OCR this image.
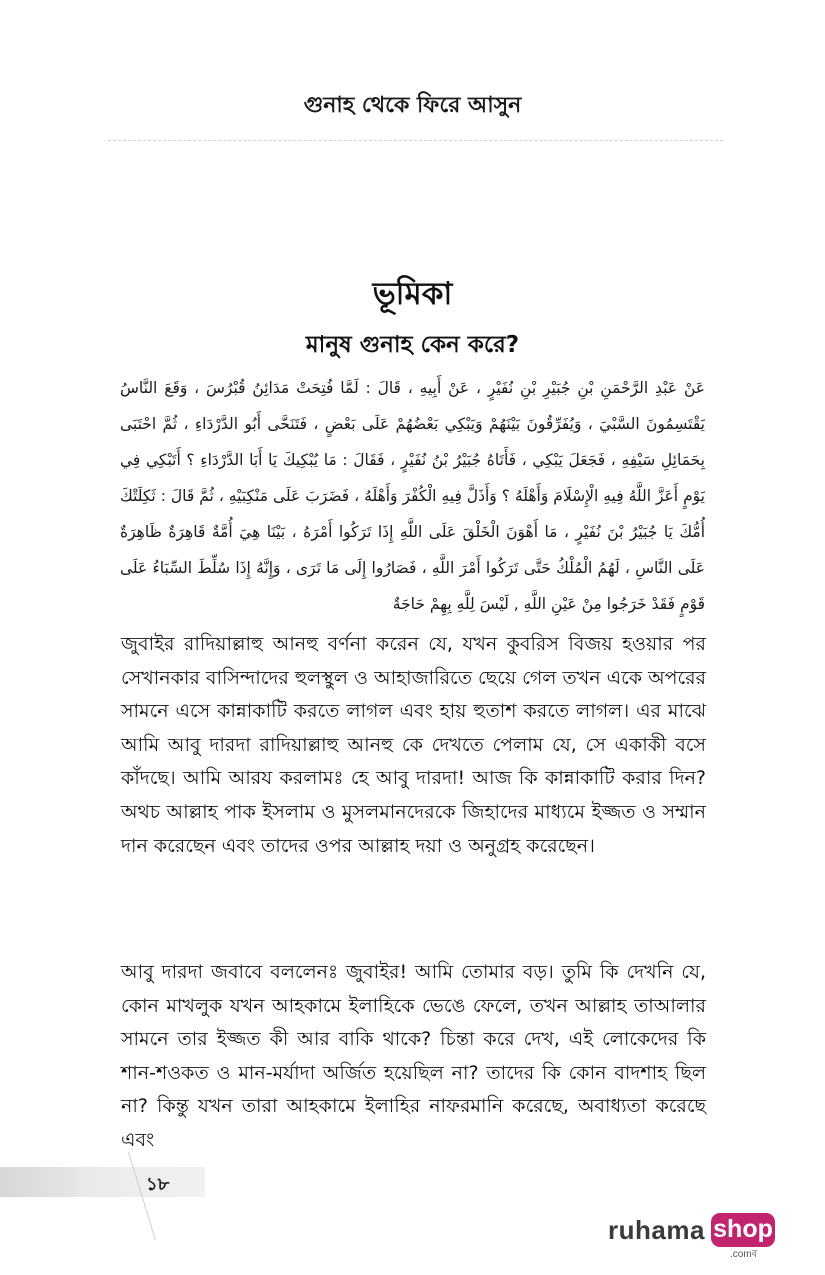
গুনাহ থেকে ফিরে আসুন
ভূমিকা
মানুষ গুনাহ কেন করে?
عَنْ عَبْدِ الرَّحْمَنِ بْنِ جُبَيْرِ بْنِ نُفَيْرٍ ، عَنْ أَبِيهِ ، قَالَ : لَمَّا فُتِحَتْ مَدَائِنُ قُبْرُسَ ، وَقَعَ النَّاسُ يَقْتَسِمُونَ السَّبْيَ ، وَيُفَرِّقُونَ بَيْنَهُمْ وَيَبْكِي بَعْضُهُمْ عَلَى بَعْضٍ ، فَتَنَحَّى أَبُو الدَّرْدَاءِ ، ثُمَّ احْتَبَى بِحَمَائِلِ سَيْفِهِ ، فَجَعَلَ يَبْكِي ، فَأَتَاهُ جُبَيْرُ بْنُ نُفَيْرٍ ، فَقَالَ : مَا يُبْكِيكَ يَا أَبَا الدَّرْدَاءِ ؟ أَتَبْكِي فِي يَوْمٍ أَعَزَّ اللَّهُ فِيهِ الْإِسْلَامَ وَأَهْلَهُ ؟ وَأَذَلَّ فِيهِ الْكُفْرَ وَأَهْلَهُ ، فَضَرَبَ عَلَى مَنْكِبَيْهِ ، ثُمَّ قَالَ : ثَكِلَتْكَ أُمُّكَ يَا جُبَيْرُ بْنَ نُفَيْرٍ ، مَا أَهْوَنَ الْخَلْقَ عَلَى اللَّهِ إِذَا تَرَكُوا أَمْرَهُ ، بَيْنَا هِيَ أُمَّةٌ قَاهِرَةٌ ظَاهِرَةٌ عَلَى النَّاسِ ، لَهُمُ الْمُلْكُ حَتَّى تَرَكُوا أَمْرَ اللَّهِ ، فَصَارُوا إِلَى مَا تَرَى ، وَإِنَّهُ إِذَا سُلِّطَ السِّبَاءُ عَلَى قَوْمٍ فَقَدْ خَرَجُوا مِنْ عَيْنِ اللَّهِ , لَيْسَ لِلَّهِ بِهِمْ حَاجَةٌ

জুবাইর রাদিয়াল্লাহু আনহু বর্ণনা করেন যে, যখন কুবরিস বিজয় হওয়ার পর সেখানকার বাসিন্দাদের হুলস্থুল ও আহাজারিতে ছেয়ে গেল তখন একে অপরের সামনে এসে কান্নাকাটি করতে লাগল এবং হায় হুতাশ করতে লাগল। এর মাঝে আমি আবু দারদা রাদিয়াল্লাহু আনহু কে দেখতে পেলাম যে, সে একাকী বসে কাঁদছে। আমি আরয করলামঃ হে আবু দারদা! আজ কি কান্নাকাটি করার দিন? অথচ আল্লাহ পাক ইসলাম ও মুসলমানদেরকে জিহাদের মাধ্যমে ইজ্জত ও সম্মান দান করেছেন এবং তাদের ওপর আল্লাহ দয়া ও অনুগ্রহ করেছেন।

আবু দারদা জবাবে বললেনঃ জুবাইর! আমি তোমার বড়। তুমি কি দেখনি যে, কোন মাখলুক যখন আহকামে ইলাহিকে ভেঙে ফেলে, তখন আল্লাহ তাআলার সামনে তার ইজ্জত কী আর বাকি থাকে? চিন্তা করে দেখ, এই লোকেদের কি শান-শওকত ও মান-মর্যাদা অর্জিত হয়েছিল না? তাদের কি কোন বাদশাহ ছিল না? কিন্তু যখন তারা আহকামে ইলাহির নাফরমানি করেছে, অবাধ্যতা করেছে এবং

১৮
ruhama shop
.comব
